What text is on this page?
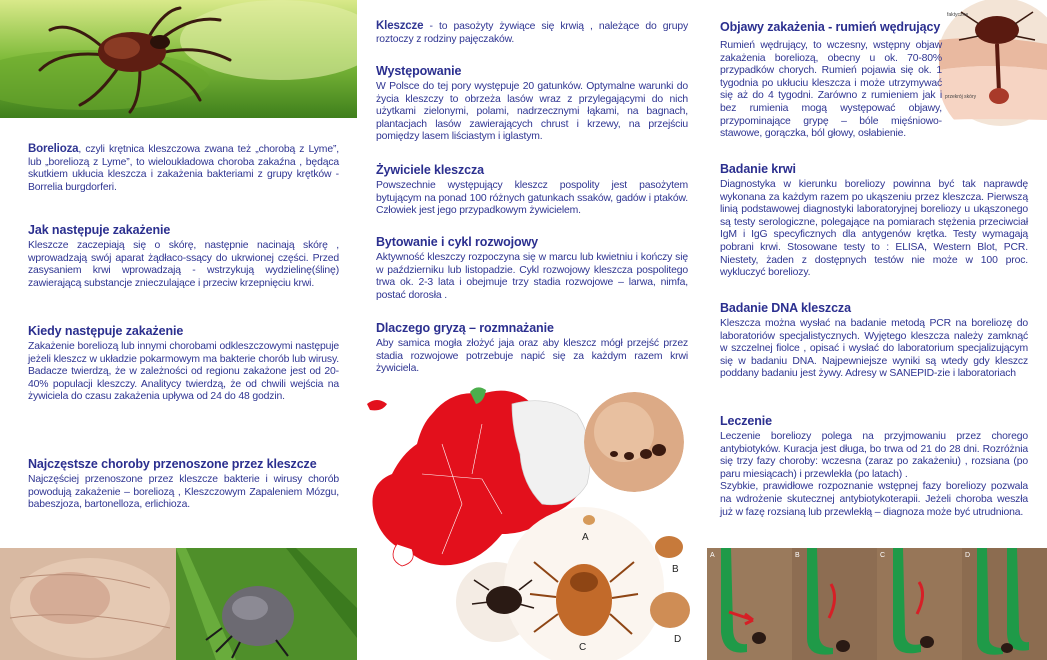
Borelioza, czyli krętnica kleszczowa zwana też „chorobą z Lyme”, lub „boreliozą z Lyme”, to wieloukładowa choroba zakaźna , będąca skutkiem ukłucia kleszcza i zakażenia bakteriami z grupy krętków - Borrelia burgdorferi.

Jak następuje zakażenie

Kleszcze zaczepiają się o skórę, następnie nacinają skórę , wprowadzają swój aparat żądłaco-ssący do ukrwionej części. Przed zasysaniem krwi wprowadzają - wstrzykują wydzielinę(ślinę) zawierającą substancje znieczulające i przeciw krzepnięciu krwi.

Kiedy następuje zakażenie

Zakażenie boreliozą lub innymi chorobami odkleszczowymi następuje jeżeli kleszcz w układzie pokarmowym ma bakterie chorób lub wirusy. Badacze twierdzą, że w zależności od regionu zakażone jest od 20-40% populacji kleszczy. Analitycy twierdzą, że od chwili wejścia na żywiciela do czasu zakażenia upływa od 24 do 48 godzin.

Najczęstsze choroby przenoszone przez kleszcze

Najczęściej przenoszone przez kleszcze bakterie i wirusy chorób powodują zakażenie – boreliozą , Kleszczowym Zapaleniem Mózgu, babeszjoza, bartonelloza, erlichioza.

Kleszcze - to pasożyty żywiące się krwią , należące do grupy roztoczy z rodziny pajęczaków.

Występowanie

W Polsce do tej pory występuje 20 gatunków. Optymalne warunki do życia kleszczy to obrzeża lasów wraz z przylegającymi do nich użytkami zielonymi, polami, nadrzecznymi łąkami, na bagnach, plantacjach lasów zawierających chrust i krzewy, na przejściu pomiędzy lasem liściastym i iglastym.

Żywiciele kleszcza

Powszechnie występujący kleszcz pospolity jest pasożytem bytującym na ponad 100 różnych gatunkach ssaków, gadów i ptaków. Człowiek jest jego przypadkowym żywicielem.

Bytowanie i cykl rozwojowy

Aktywność kleszczy rozpoczyna się w marcu lub kwietniu i kończy się w październiku lub listopadzie. Cykl rozwojowy kleszcza pospolitego trwa ok. 2-3 lata i obejmuje trzy stadia rozwojowe – larwa, nimfa, postać dorosła .

Dlaczego gryzą – rozmnażanie

Aby samica mogła złożyć jaja oraz aby kleszcz mógł przejść przez stadia rozwojowe potrzebuje napić się za każdym razem krwi żywiciela.

A
B
C
D
faktyczne
przekrój skóry
Objawy zakażenia - rumień wędrujący

Rumień wędrujący, to wczesny, wstępny objaw zakażenia boreliozą, obecny u ok. 70-80% przypadków chorych. Rumień pojawia się ok. 1 tygodnia po ukłuciu kleszcza i może utrzymywać się aż do 4 tygodni. Zarówno z rumieniem jak i bez rumienia mogą występować objawy, przypominające grypę – bóle mięśniowo-stawowe, gorączka, ból głowy, osłabienie.

Badanie krwi

Diagnostyka w kierunku boreliozy powinna być tak naprawdę wykonana za każdym razem po ukąszeniu przez kleszcza. Pierwszą linią podstawowej diagnostyki laboratoryjnej boreliozy u ukąszonego są testy serologiczne, polegające na pomiarach stężenia przeciwciał IgM i IgG specyficznych dla antygenów krętka. Testy wymagają pobrani krwi. Stosowane testy to : ELISA, Western Blot, PCR. Niestety, żaden z dostępnych testów nie może w 100 proc. wykluczyć boreliozy.

Badanie DNA kleszcza

Kleszcza można wysłać na badanie metodą PCR na boreliozę do laboratoriów specjalistycznych. Wyjętego kleszcza należy zamknąć w szczelnej fiolce , opisać i wysłać do laboratorium specjalizującym się w badaniu DNA. Najpewniejsze wyniki są wtedy gdy kleszcz poddany badaniu jest żywy. Adresy w SANEPID-zie i laboratoriach

Leczenie

Leczenie boreliozy polega na przyjmowaniu przez chorego antybiotyków. Kuracja jest długa, bo trwa od 21 do 28 dni. Rozróżnia się trzy fazy choroby: wczesna (zaraz po zakażeniu) , rozsiana (po paru miesiącach) i przewlekła (po latach) .
Szybkie, prawidłowe rozpoznanie wstępnej fazy boreliozy pozwala na wdrożenie skutecznej antybiotykoterapii. Jeżeli choroba weszła już w fazę rozsianą lub przewlekłą – diagnoza może być utrudniona.

A	B	C	D
